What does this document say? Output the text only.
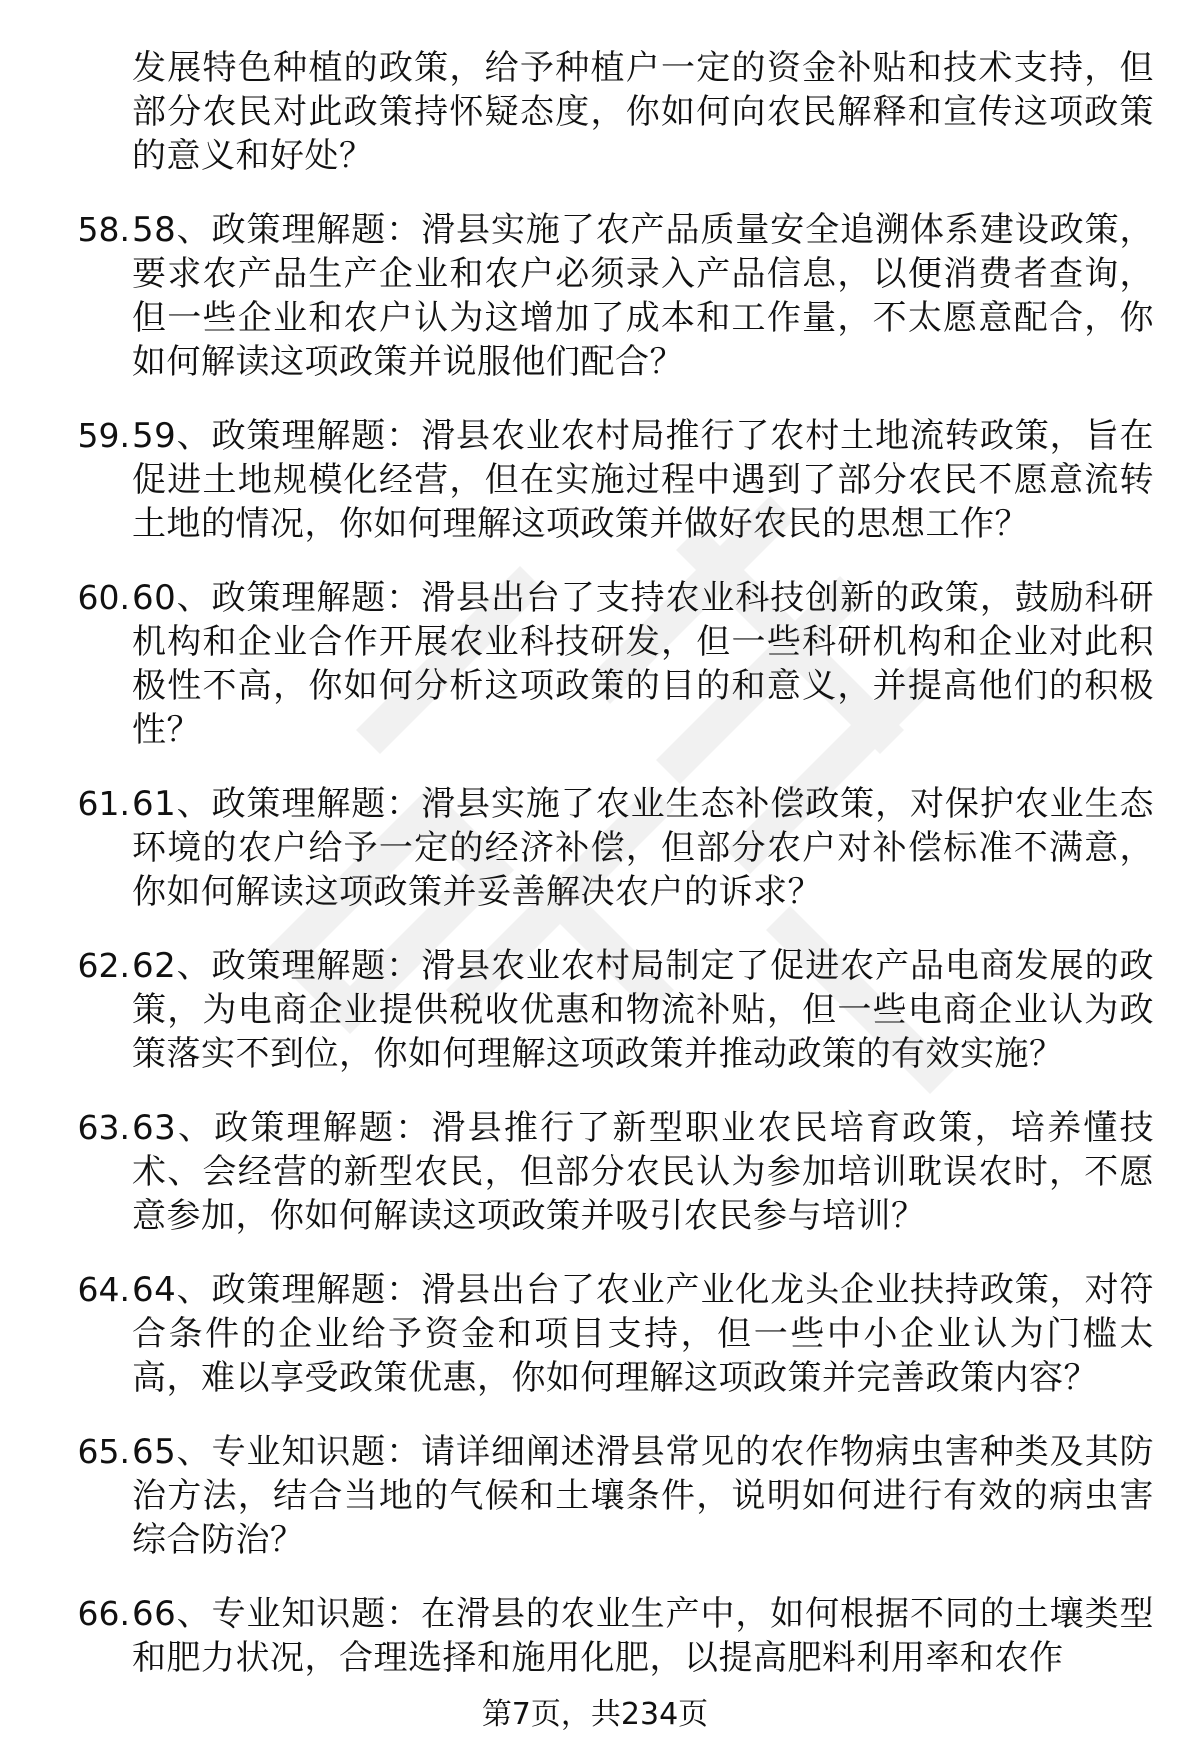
发展特色种植的政策，给予种植户一定的资金补贴和技术支持，但部分农民对此政策持怀疑态度，你如何向农民解释和宣传这项政策的意义和好处？
58. 58、政策理解题：滑县实施了农产品质量安全追溯体系建设政策，要求农产品生产企业和农户必须录入产品信息，以便消费者查询，但一些企业和农户认为这增加了成本和工作量，不太愿意配合，你如何解读这项政策并说服他们配合？
59. 59、政策理解题：滑县农业农村局推行了农村土地流转政策，旨在促进土地规模化经营，但在实施过程中遇到了部分农民不愿意流转土地的情况，你如何理解这项政策并做好农民的思想工作？
60. 60、政策理解题：滑县出台了支持农业科技创新的政策，鼓励科研机构和企业合作开展农业科技研发，但一些科研机构和企业对此积极性不高，你如何分析这项政策的目的和意义，并提高他们的积极性？
61. 61、政策理解题：滑县实施了农业生态补偿政策，对保护农业生态环境的农户给予一定的经济补偿，但部分农户对补偿标准不满意，你如何解读这项政策并妥善解决农户的诉求？
62. 62、政策理解题：滑县农业农村局制定了促进农产品电商发展的政策，为电商企业提供税收优惠和物流补贴，但一些电商企业认为政策落实不到位，你如何理解这项政策并推动政策的有效实施？
63. 63、政策理解题：滑县推行了新型职业农民培育政策，培养懂技术、会经营的新型农民，但部分农民认为参加培训耽误农时，不愿意参加，你如何解读这项政策并吸引农民参与培训？
64. 64、政策理解题：滑县出台了农业产业化龙头企业扶持政策，对符合条件的企业给予资金和项目支持，但一些中小企业认为门槛太高，难以享受政策优惠，你如何理解这项政策并完善政策内容？
65. 65、专业知识题：请详细阐述滑县常见的农作物病虫害种类及其防治方法，结合当地的气候和土壤条件，说明如何进行有效的病虫害综合防治？
66. 66、专业知识题：在滑县的农业生产中，如何根据不同的土壤类型和肥力状况，合理选择和施用化肥，以提高肥料利用率和农作
第7页，共234页
